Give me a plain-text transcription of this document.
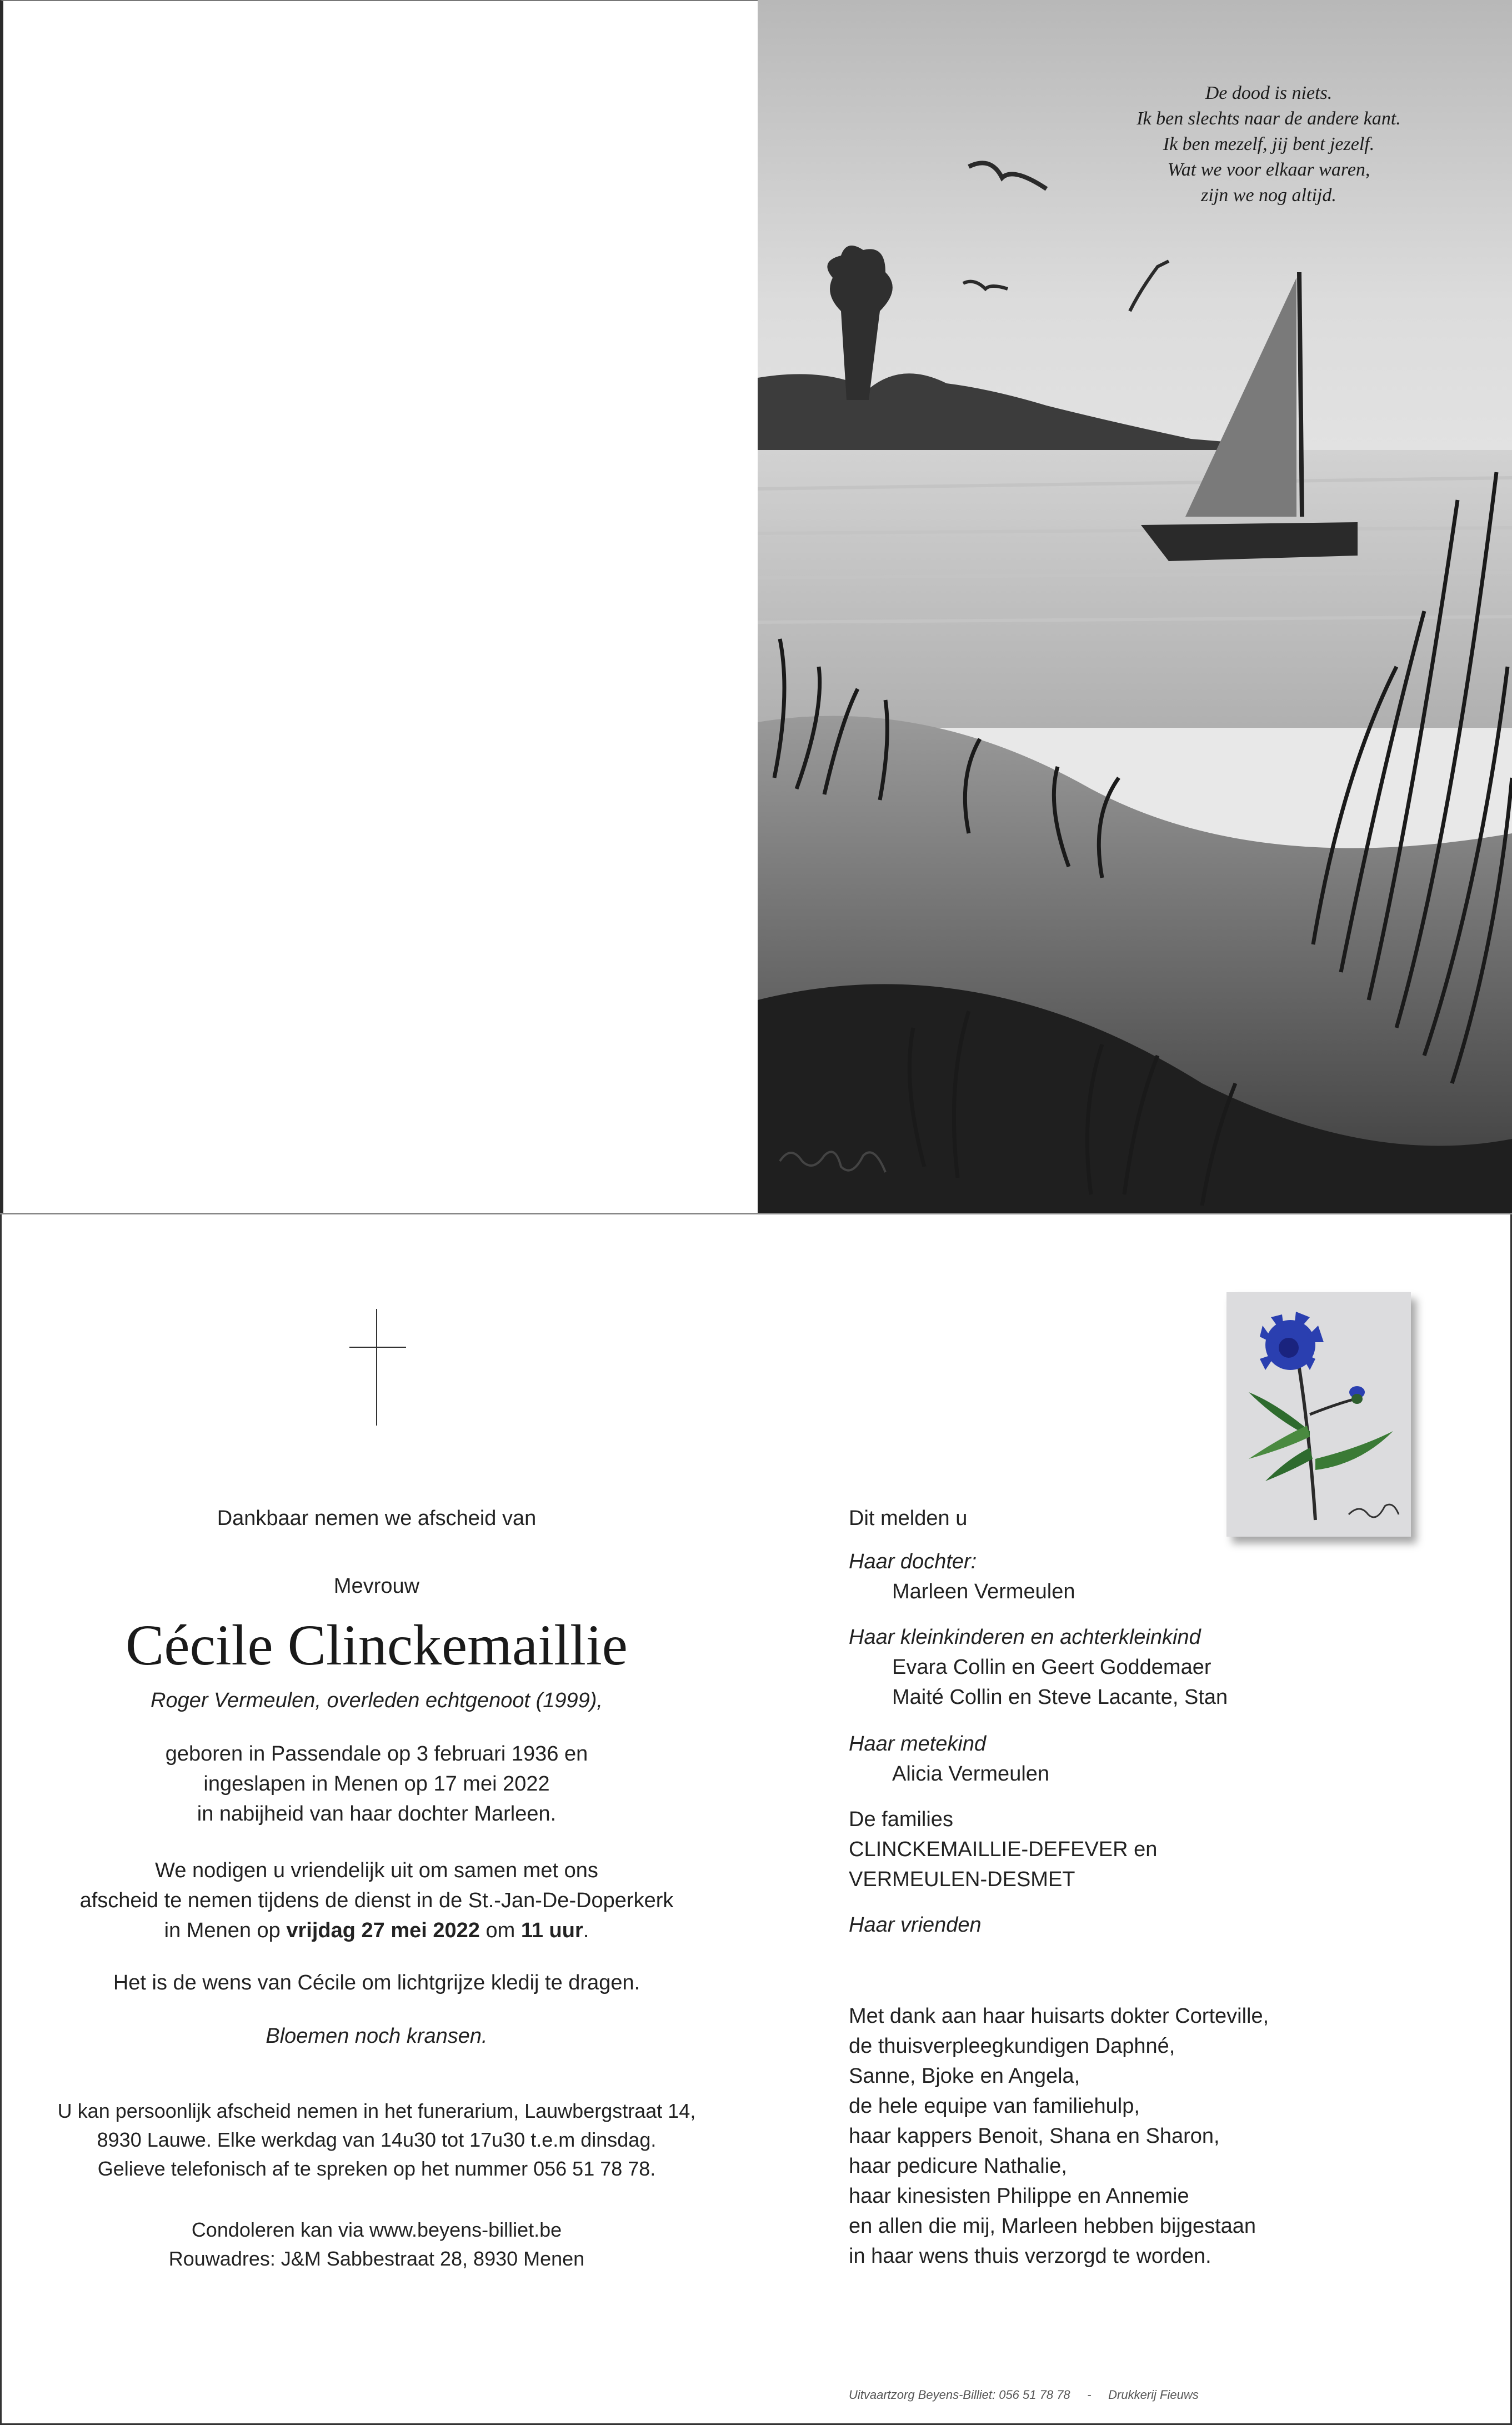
De dood is niets.
Ik ben slechts naar de andere kant.
Ik ben mezelf, jij bent jezelf.
Wat we voor elkaar waren,
zijn we nog altijd.
Dankbaar nemen we afscheid van
Mevrouw
Cécile Clinckemaillie
Roger Vermeulen, overleden echtgenoot (1999),
geboren in Passendale op 3 februari 1936 en
ingeslapen in Menen op 17 mei 2022
in nabijheid van haar dochter Marleen.
We nodigen u vriendelijk uit om samen met ons
afscheid te nemen tijdens de dienst in de St.-Jan-De-Doperkerk
in Menen op vrijdag 27 mei 2022 om 11 uur.
Het is de wens van Cécile om lichtgrijze kledij te dragen.
Bloemen noch kransen.
U kan persoonlijk afscheid nemen in het funerarium, Lauwbergstraat 14,
8930 Lauwe. Elke werkdag van 14u30 tot 17u30 t.e.m dinsdag.
Gelieve telefonisch af te spreken op het nummer 056 51 78 78.
Condoleren kan via www.beyens-billiet.be
Rouwadres: J&M Sabbestraat 28, 8930 Menen
Dit melden u
Haar dochter:
Marleen Vermeulen
Haar kleinkinderen en achterkleinkind
Evara Collin en Geert Goddemaer
Maité Collin en Steve Lacante, Stan
Haar metekind
Alicia Vermeulen
De families
CLINCKEMAILLIE-DEFEVER en
VERMEULEN-DESMET
Haar vrienden
Met dank aan haar huisarts dokter Corteville,
de thuisverpleegkundigen Daphné,
Sanne, Bjoke en Angela,
de hele equipe van familiehulp,
haar kappers Benoit, Shana en Sharon,
haar pedicure Nathalie,
haar kinesisten Philippe en Annemie
en allen die mij, Marleen hebben bijgestaan
in haar wens thuis verzorgd te worden.
Uitvaartzorg Beyens-Billiet: 056 51 78 78 - Drukkerij Fieuws
